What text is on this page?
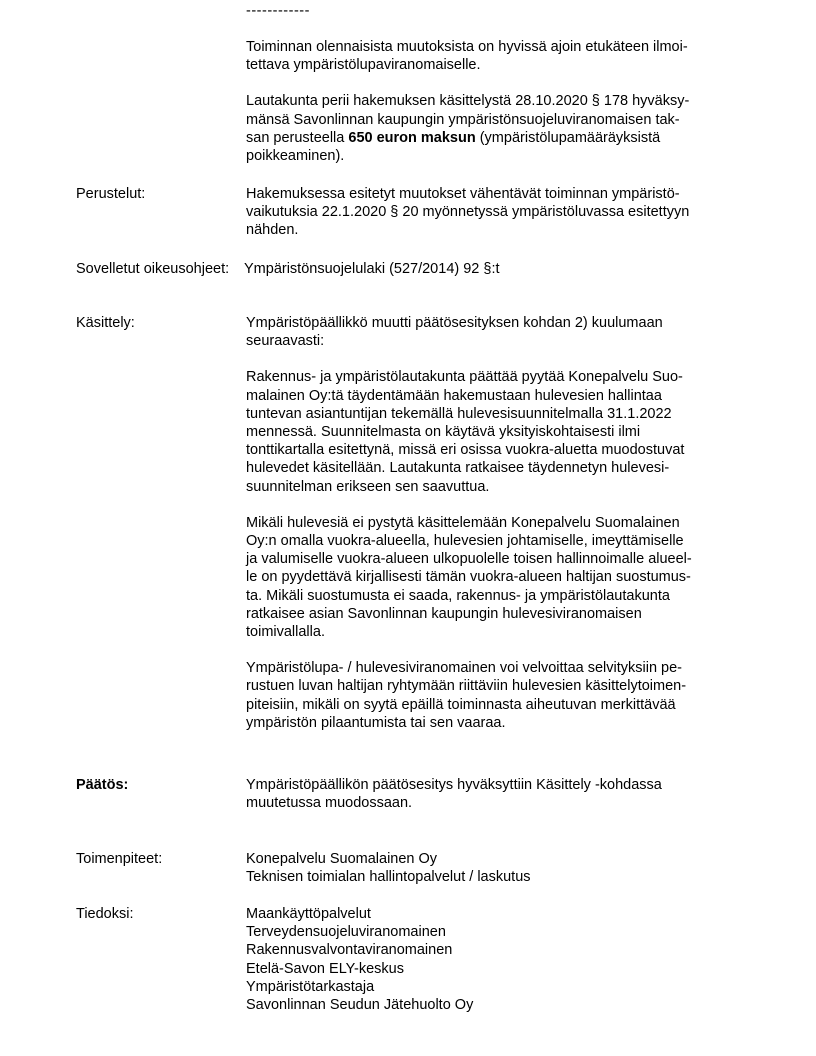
------------

Toiminnan olennaisista muutoksista on hyvissä ajoin etukäteen ilmoi-
tettava ympäristölupaviranomaiselle.

Lautakunta perii hakemuksen käsittelystä 28.10.2020 § 178 hyväksy-
mänsä Savonlinnan kaupungin ympäristönsuojeluviranomaisen tak-
san perusteella 650 euron maksun (ympäristölupamääräyksistä
poikkeaminen).

Perustelut:	Hakemuksessa esitetyt muutokset vähentävät toiminnan ympäristö-
vaikutuksia 22.1.2020 § 20 myönnetyssä ympäristöluvassa esitettyyn
nähden.

Sovelletut oikeusohjeet: Ympäristönsuojelulaki (527/2014) 92 §:t

Käsittely:	Ympäristöpäällikkö muutti päätösesityksen kohdan 2) kuulumaan
seuraavasti:

Rakennus- ja ympäristölautakunta päättää pyytää Konepalvelu Suo-
malainen Oy:tä täydentämään hakemustaan hulevesien hallintaa
tuntevan asiantuntijan tekemällä hulevesisuunnitelmalla 31.1.2022
mennessä. Suunnitelmasta on käytävä yksityiskohtaisesti ilmi
tonttikartalla esitettynä, missä eri osissa vuokra-aluetta muodostuvat
hulevedet käsitellään. Lautakunta ratkaisee täydennetyn hulevesi-
suunnitelman erikseen sen saavuttua.

Mikäli hulevesiä ei pystytä käsittelemään Konepalvelu Suomalainen
Oy:n omalla vuokra-alueella, hulevesien johtamiselle, imeyttämiselle
ja valumiselle vuokra-alueen ulkopuolelle toisen hallinnoimalle alueel-
le on pyydettävä kirjallisesti tämän vuokra-alueen haltijan suostumus-
ta. Mikäli suostumusta ei saada, rakennus- ja ympäristölautakunta
ratkaisee asian Savonlinnan kaupungin hulevesiviranomaisen
toimivallalla.

Ympäristölupa- / hulevesiviranomainen voi velvoittaa selvityksiin pe-
rustuen luvan haltijan ryhtymään riittäviin hulevesien käsittelytoimen-
piteisiin, mikäli on syytä epäillä toiminnasta aiheutuvan merkittävää
ympäristön pilaantumista tai sen vaaraa.

Päätös:	Ympäristöpäällikön päätösesitys hyväksyttiin Käsittely -kohdassa
muutetussa muodossaan.

Toimenpiteet:	Konepalvelu Suomalainen Oy

Teknisen toimialan hallintopalvelut / laskutus

Tiedoksi:	Maankäyttöpalvelut

Terveydensuojeluviranomainen

Rakennusvalvontaviranomainen

Etelä-Savon ELY-keskus

Ympäristötarkastaja

Savonlinnan Seudun Jätehuolto Oy
